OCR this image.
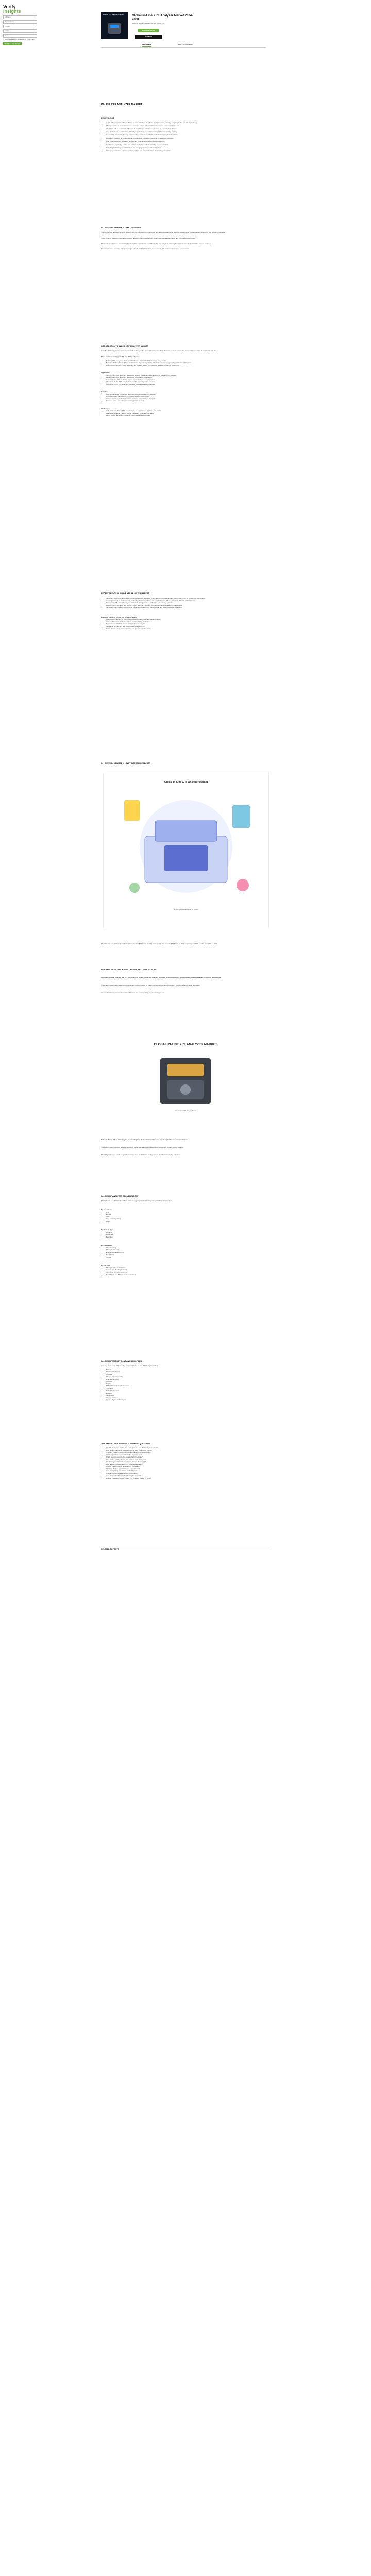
Verify
Insights
Full Name
Business Email
Company
Country
Phone
☐ By submitting this form you agree to our Privacy Policy
Download Free Sample
Global In-Line XRF Analyzer Market	Global In-Line XRF Analyzer Market 2024-2030
Report ID: 123456 | Published: Nov 2024 | Pages: 150
Download Sample
BUY NOW
DESCRIPTION	TABLE OF CONTENTS
IN-LINE XRF ANALYZER MARKET
KEY FINDINGS
• In-line XRF analyzers deliver real-time elemental analysis directly on production lines, reducing sampling delays and lab dependency.
• Mining, metals and cement industries remain the largest adopters due to continuous process control needs.
• Integration with automation and Industry 4.0 platforms is accelerating demand for networked analyzers.
• Asia-Pacific leads in installations driven by expansion of mineral processing and manufacturing capacity.
• Advances in detector technology are improving sensitivity for light elements and lowering detection limits.
• Regulatory pressure on environmental compliance is increasing monitoring of hazardous elements.
• High initial investment remains a key restraint for small and medium-sized processors.
• Vendors are expanding service and calibration offerings to build recurring revenue streams.
• Recycling and battery material sectors are emerging as new growth applications.
• Strategic partnerships between analyzer makers and automation firms are shaping competition.
IN-LINE XRF ANALYZER MARKET OVERVIEW

The In-Line XRF analyzer market is growing with rising demand for continuous, non-destructive elemental analysis across mining, metals, cement, chemicals and recycling industries.

These systems measure material composition directly in the process stream, enabling immediate corrections and improved product quality.

The development of new detectors and software has expanded the capabilities of in-line analyzers, allowing faster measurements and broader element coverage.

Manufacturers are investing in rugged designs suitable for harsh industrial environments with minimal maintenance requirements.

INTRODUCTION TO IN-LINE XRF ANALYZER MARKET

An in-line XRF analyzer is an instrument installed directly in the process line that uses X-ray fluorescence to determine the elemental composition of materials in real time.

There are three main types of In-line XRF Analyzers:

• Portable XRF Analyzers: These portable devices are handheld and easy to carry around.
• Benchtop XRF Analyzers: These analyzers are larger than portable XRF analyzers and are generally installed in a laboratory.
• Online XRF Analyzers: These analyzers are installed directly on production lines for continuous monitoring.
Application:
• Mining: In-line XRF analyzers are used to analyze the elemental composition of ores and concentrates.
• Metals: In-line XRF analyzers are used to control alloy composition.
• Cement: In-line XRF analyzers are used to control raw mix composition.
• Chemicals: In-line XRF analyzers are used to monitor process streams.
• Recycling: In-line XRF analyzers are used to sort and classify materials.
Benefits:
• Real-time analysis: In-line XRF analyzers provide results within seconds.
• Non-destructive: Samples are not altered during measurement.
• Improved process control: Operators can react immediately to changes.
• Reduced costs: Less laboratory testing and lower waste.
Challenges:
• High initial cost: In-line XRF analyzers can be expensive to purchase and install.
• Calibration: Analyzers require regular calibration to maintain accuracy.
• Matrix effects: Variations in material properties can affect results.
RECENT TRENDS IN IN-LINE XRF ANALYZER MARKET
• Increasing adoption of automated and networked XRF analyzers: Plants are connecting analyzers to control systems for closed-loop optimization.
• Growing demand for environmental monitoring: Stricter regulations drive measurement of heavy metals in effluents and emissions.
• Emergence of AI-assisted analytics: Machine learning improves calibration and anomaly detection.
• Development of compact and energy-efficient analyzers: Smaller form factors enable installation in tight spaces.
• Increasing use in battery and recycling industries: Monitoring of lithium, cobalt and nickel streams is expanding.
Emerging Trends in In-Line XRF Analyzer Market
• Use of XRF analyzers for real-time process control in mineral processing plants.
• Increased focus on product quality in metal and alloy production.
• Development of XRF analyzers for light element analysis.
• Integration of analyzers with cloud-based data platforms.
• Rising demand for remote monitoring and predictive maintenance.
IN-LINE XRF ANALYZER MARKET SIZE AND FORECAST
Global In-Line XRF Analyzer Market
In-Line XRF Analyzer Market, By Region

The Global In-Line XRF Analyzer Market accounted for $XX Billion in 2023 and is anticipated to reach $XX Billion by 2030, registering a CAGR of XX% from 2024 to 2030.

NEW PRODUCT LAUNCH IN IN-LINE XRF ANALYZER MARKET

Automatic Mineral Analysis and Ore XRF Analyzer: A new in-line XRF analyzer designed for continuous ore grade monitoring was launched for mining applications.

The analyzer offers fast measurement cycles and robust housing for harsh environments, enabling operators to optimize beneficiation processes.

Advanced software provides automatic calibration and trend reporting for process engineers.

GLOBAL IN-LINE XRF ANALYZER MARKET
Global In-Line XRF Analyzer Market

Release of new XRF in-line analyzer by a leading manufacturer expands measurement capabilities for industrial users.

The system offers improved detector resolution, faster analysis times and seamless connectivity to plant control systems.

The ability to analyze a wide range of elements makes it suitable for mining, cement, metals and recycling industries.

IN-LINE XRF ANALYZER SEGMENTATION

The Global In-Line XRF Analyzer Market can be segmented into following categories for further analysis.

By Geography
• USA
• Europe
• China
• Asia Excluding China
• ROW
By Product Type
• Portable
• Handheld
• Benchtop
By Application
• Manufacturing
• Mining and Metals
• Environmental monitoring
• Food Safety
• Others
By End User
• Mining and Metal Production
• Cement and Building Materials
• Chemicals and Petrochemicals
• Food Safety and Pharmaceutical industries
IN-LINE XRF MARKET COMPANIES PROFILED

Here is a list of some of the leading companies in the In-Line XRF Analyzer Market:

• Bruker
• Malvern Panalytical
• HORIBA
• Thermo Fisher Scientific
• Hitachi High-Tech
• Olympus
• Rigaku
• SPECTRO Analytical Instruments
• Shimadzu
• Oxford Instruments
• Elvatech
• Xenemetrix
• Innov-X Systems
• Applied Rigaku Technologies
THIS REPORT WILL ANSWER FOLLOWING QUESTIONS
• What is the current market size of the global In-Line XRF Analyzer market?
• How large is the market expected to grow over the forecast period?
• What are the key drivers and restraints influencing market growth?
• Which application segment holds the largest share?
• Which region is expected to grow at the highest rate?
• Who are the leading players and what are their strategies?
• What new product developments are shaping the market?
• How are technological advances impacting adoption?
• What is the competitive landscape of the market?
• What are the key opportunities for new entrants?
• How does pricing vary across product types?
• What impact do regulations have on demand?
• How are supply chain trends affecting the industry?
• What is the outlook for the In-Line XRF Analyzer market by 2030?
RELATED REPORTS
